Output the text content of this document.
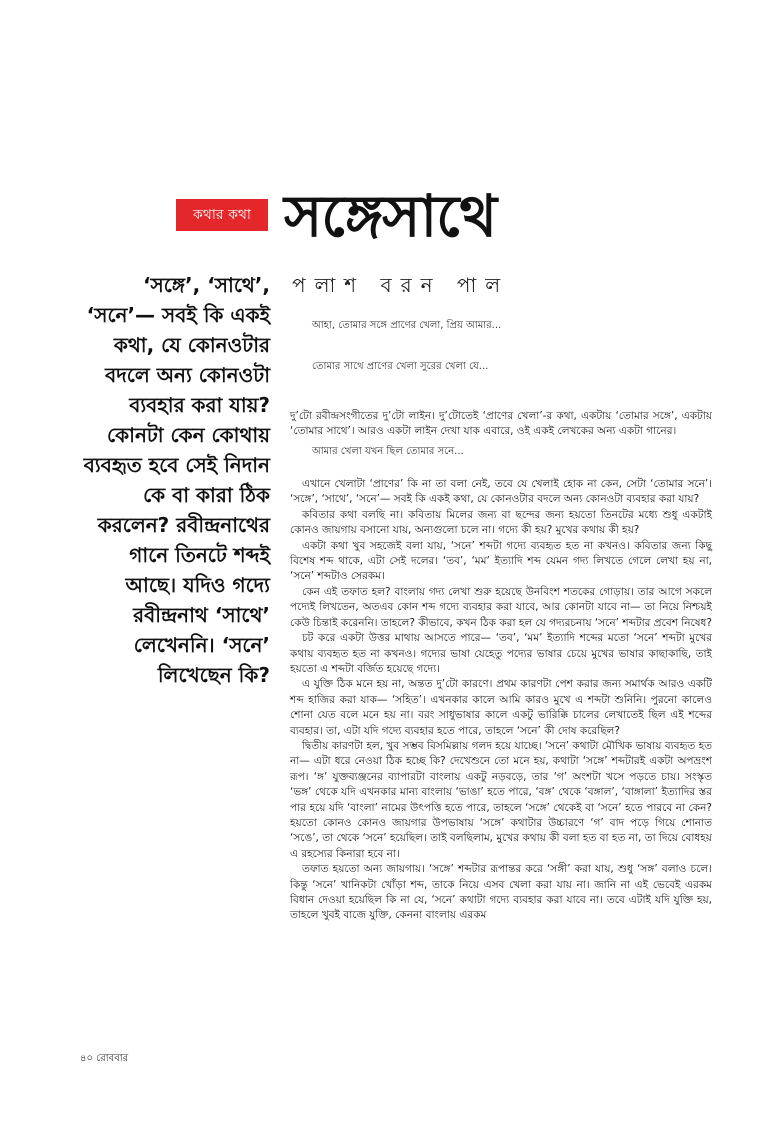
কথার কথা সঙ্গেসাথে
পলাশ বরন পাল
‘সঙ্গে’, ‘সাথে’, ‘সনে’— সবই কি একই কথা, যে কোনওটার বদলে অন্য কোনওটা ব্যবহার করা যায়? কোনটা কেন কোথায় ব্যবহৃত হবে সেই নিদান কে বা কারা ঠিক করলেন? রবীন্দ্রনাথের গানে তিনটে শব্দই আছে। যদিও গদ্যে রবীন্দ্রনাথ ‘সাথে’ লেখেননি। ‘সনে’ লিখেছেন কি?

আহা, তোমার সঙ্গে প্রাণের খেলা, প্রিয় আমার...

তোমার সাথে প্রাণের খেলা সুরের খেলা যে...

দু’টো রবীন্দ্রসংগীতের দু’টো লাইন। দু’টোতেই ‘প্রাণের খেলা’-র কথা, একটায় ‘তোমার সঙ্গে’, একটায় ‘তোমার সাথে’। আরও একটা লাইন দেখা যাক এবারে, ওই একই লেখকের অন্য একটা গানের।

আমার খেলা যখন ছিল তোমার সনে...

এখানে খেলাটা ‘প্রাণের’ কি না তা বলা নেই, তবে যে খেলাই হোক না কেন, সেটা ‘তোমার সনে’। ‘সঙ্গে’, ‘সাথে’, ‘সনে’— সবই কি একই কথা, যে কোনওটার বদলে অন্য কোনওটা ব্যবহার করা যায়?

কবিতার কথা বলছি না। কবিতায় মিলের জন্য বা ছন্দের জন্য হয়তো তিনটের মধ্যে শুধু একটাই কোনও জায়গায় বসানো যায়, অন্যগুলো চলে না। গদ্যে কী হয়? মুখের কথায় কী হয়?

একটা কথা খুব সহজেই বলা যায়, ‘সনে’ শব্দটা গদ্যে ব্যবহৃত হত না কখনও। কবিতার জন্য কিছু বিশেষ শব্দ থাকে, এটা সেই দলের। ‘তব’, ‘মম’ ইত্যাদি শব্দ যেমন গদ্য লিখতে গেলে লেখা হয় না, ‘সনে’ শব্দটাও সেরকম।

কেন এই তফাত হল? বাংলায় গদ্য লেখা শুরু হয়েছে উনবিংশ শতকের গোড়ায়। তার আগে সকলে পদ্যেই লিখতেন, অতএব কোন শব্দ গদ্যে ব্যবহার করা যাবে, আর কোনটা যাবে না— তা নিয়ে নিশ্চয়ই কেউ চিন্তাই করেননি। তাহলে? কীভাবে, কখন ঠিক করা হল যে গদ্যরচনায় ‘সনে’ শব্দটার প্রবেশ নিষেধ?

চট করে একটা উত্তর মাথায় আসতে পারে— ‘তব’, ‘মম’ ইত্যাদি শব্দের মতো ‘সনে’ শব্দটা মুখের কথায় ব্যবহৃত হত না কখনও। গদ্যের ভাষা যেহেতু পদ্যের ভাষার চেয়ে মুখের ভাষার কাছাকাছি, তাই হয়তো এ শব্দটা বর্জিত হয়েছে গদ্যে।

এ যুক্তি ঠিক মনে হয় না, অন্তত দু’টো কারণে। প্রথম কারণটা পেশ করার জন্য সমার্থক আরও একটি শব্দ হাজির করা যাক— ‘সহিত’। এখনকার কালে আমি কারও মুখে এ শব্দটা শুনিনি। পুরনো কালেও শোনা যেত বলে মনে হয় না। বরং সাধুভাষার কালে একটু ভারিক্কি চালের লেখাতেই ছিল এই শব্দের ব্যবহার। তা, এটা যদি গদ্যে ব্যবহার হতে পারে, তাহলে ‘সনে’ কী দোষ করেছিল?

দ্বিতীয় কারণটা হল, খুব সম্ভব বিসমিল্লায় গলদ হয়ে যাচ্ছে। ‘সনে’ কথাটা মৌখিক ভাষায় ব্যবহৃত হত না— এটা ধরে নেওয়া ঠিক হচ্ছে কি? দেখেশুনে তো মনে হয়, কথাটা ‘সঙ্গে’ শব্দটারই একটা অপভ্রংশ রূপ। ‘ঙ্গ’ যুক্তব্যঞ্জনের ব্যাপারটা বাংলায় একটু নড়বড়ে, তার ‘গ’ অংশটা খসে পড়তে চায়। সংস্কৃত ‘ভঙ্গ’ থেকে যদি এখনকার মান্য বাংলায় ‘ভাঙা’ হতে পারে, ‘বঙ্গ’ থেকে ‘বঙ্গাল’, ‘বাঙ্গালা’ ইত্যাদির স্তর পার হয়ে যদি ‘বাংলা’ নামের উৎপত্তি হতে পারে, তাহলে ‘সঙ্গে’ থেকেই বা ‘সনে’ হতে পারবে না কেন? হয়তো কোনও কোনও জায়গার উপভাষায় ‘সঙ্গে’ কথাটার উচ্চারণে ‘গ’ বাদ পড়ে গিয়ে শোনাত ‘সঙে’, তা থেকে ‘সনে’ হয়েছিল। তাই বলছিলাম, মুখের কথায় কী বলা হত বা হত না, তা দিয়ে বোধহয় এ রহস্যের কিনারা হবে না।

তফাত হয়তো অন্য জায়গায়। ‘সঙ্গে’ শব্দটার রূপান্তর করে ‘সঙ্গী’ করা যায়, শুধু ‘সঙ্গ’ বলাও চলে। কিন্তু ‘সনে’ খানিকটা খোঁড়া শব্দ, তাকে নিয়ে এসব খেলা করা যায় না। জানি না এই ভেবেই এরকম বিধান দেওয়া হয়েছিল কি না যে, ‘সনে’ কথাটা গদ্যে ব্যবহার করা যাবে না। তবে এটাই যদি যুক্তি হয়, তাহলে খুবই বাজে যুক্তি, কেননা বাংলায় এরকম

৪০ রোববার
